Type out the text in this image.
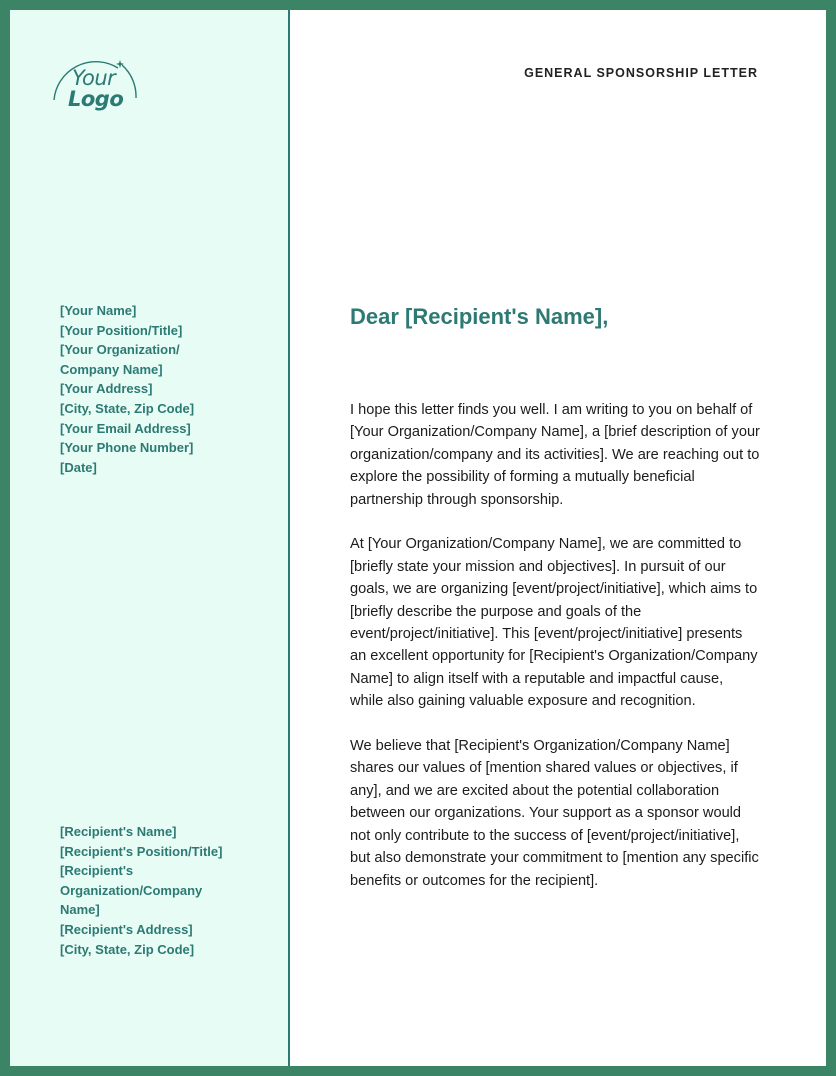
Your
Logo
[Your Name]
[Your Position/Title]
[Your Organization/
Company Name]
[Your Address]
[City, State, Zip Code]
[Your Email Address]
[Your Phone Number]
[Date]
[Recipient's Name]
[Recipient's Position/Title]
[Recipient's
Organization/Company
Name]
[Recipient's Address]
[City, State, Zip Code]
GENERAL SPONSORSHIP LETTER
Dear [Recipient's Name],

I hope this letter finds you well. I am writing to you on behalf of [Your Organization/Company Name], a [brief description of your organization/company and its activities]. We are reaching out to explore the possibility of forming a mutually beneficial partnership through sponsorship.

At [Your Organization/Company Name], we are committed to [briefly state your mission and objectives]. In pursuit of our goals, we are organizing [event/project/initiative], which aims to [briefly describe the purpose and goals of the event/project/initiative]. This [event/project/initiative] presents an excellent opportunity for [Recipient's Organization/Company Name] to align itself with a reputable and impactful cause, while also gaining valuable exposure and recognition.

We believe that [Recipient's Organization/Company Name] shares our values of [mention shared values or objectives, if any], and we are excited about the potential collaboration between our organizations. Your support as a sponsor would not only contribute to the success of [event/project/initiative], but also demonstrate your commitment to [mention any specific benefits or outcomes for the recipient].
